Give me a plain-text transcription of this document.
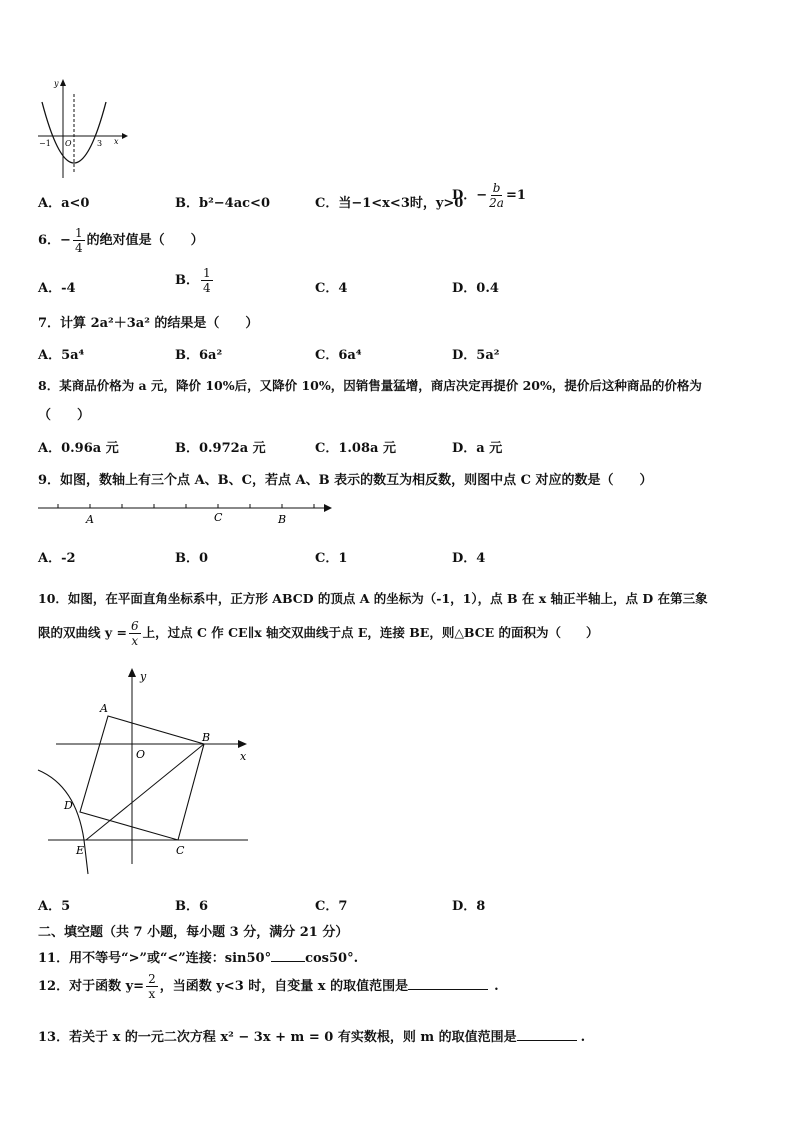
y
x
−1 O	3
A．a<0	B．b²−4ac<0	C．当−1<x<3时，y>0
D．− $\frac{b}{2a} =1$
6．− $\frac{1}{4}$ 的绝对值是（　　）
A．-4
B． $\frac{1}{4}$	C．4	D．0.4
7．计算 2a²＋3a² 的结果是（　　）
A．5a⁴	B．6a²	C．6a⁴	D．5a²
8．某商品价格为 a 元，降价 10%后，又降价 10%，因销售量猛增，商店决定再提价 20%，提价后这种商品的价格为
（　　）
A．0.96a 元	B．0.972a 元	C．1.08a 元	D．a 元
9．如图，数轴上有三个点 A、B、C，若点 A、B 表示的数互为相反数，则图中点 C 对应的数是（　　）
A	C	B
A．-2	B．0	C．1	D．4
10．如图，在平面直角坐标系中，正方形 ABCD 的顶点 A 的坐标为（-1，1），点 B 在 x 轴正半轴上，点 D 在第三象
限的双曲线 $y = \frac{6}{x}$ 上，过点 C 作 CE∥x 轴交双曲线于点 E，连接 BE，则△BCE 的面积为（　　）
y
x
A
B
O
D
E	C
A．5	B．6	C．7	D．8
二、填空题（共 7 小题，每小题 3 分，满分 21 分）
11．用不等号“>”或“<”连接：sin50°	cos50°.
12．对于函数 $y= \frac{2}{x}$ ，当函数 y<3 时，自变量 x 的取值范围是	.
13．若关于 x 的一元二次方程 x² − 3x + m = 0 有实数根，则 m 的取值范围是	.
